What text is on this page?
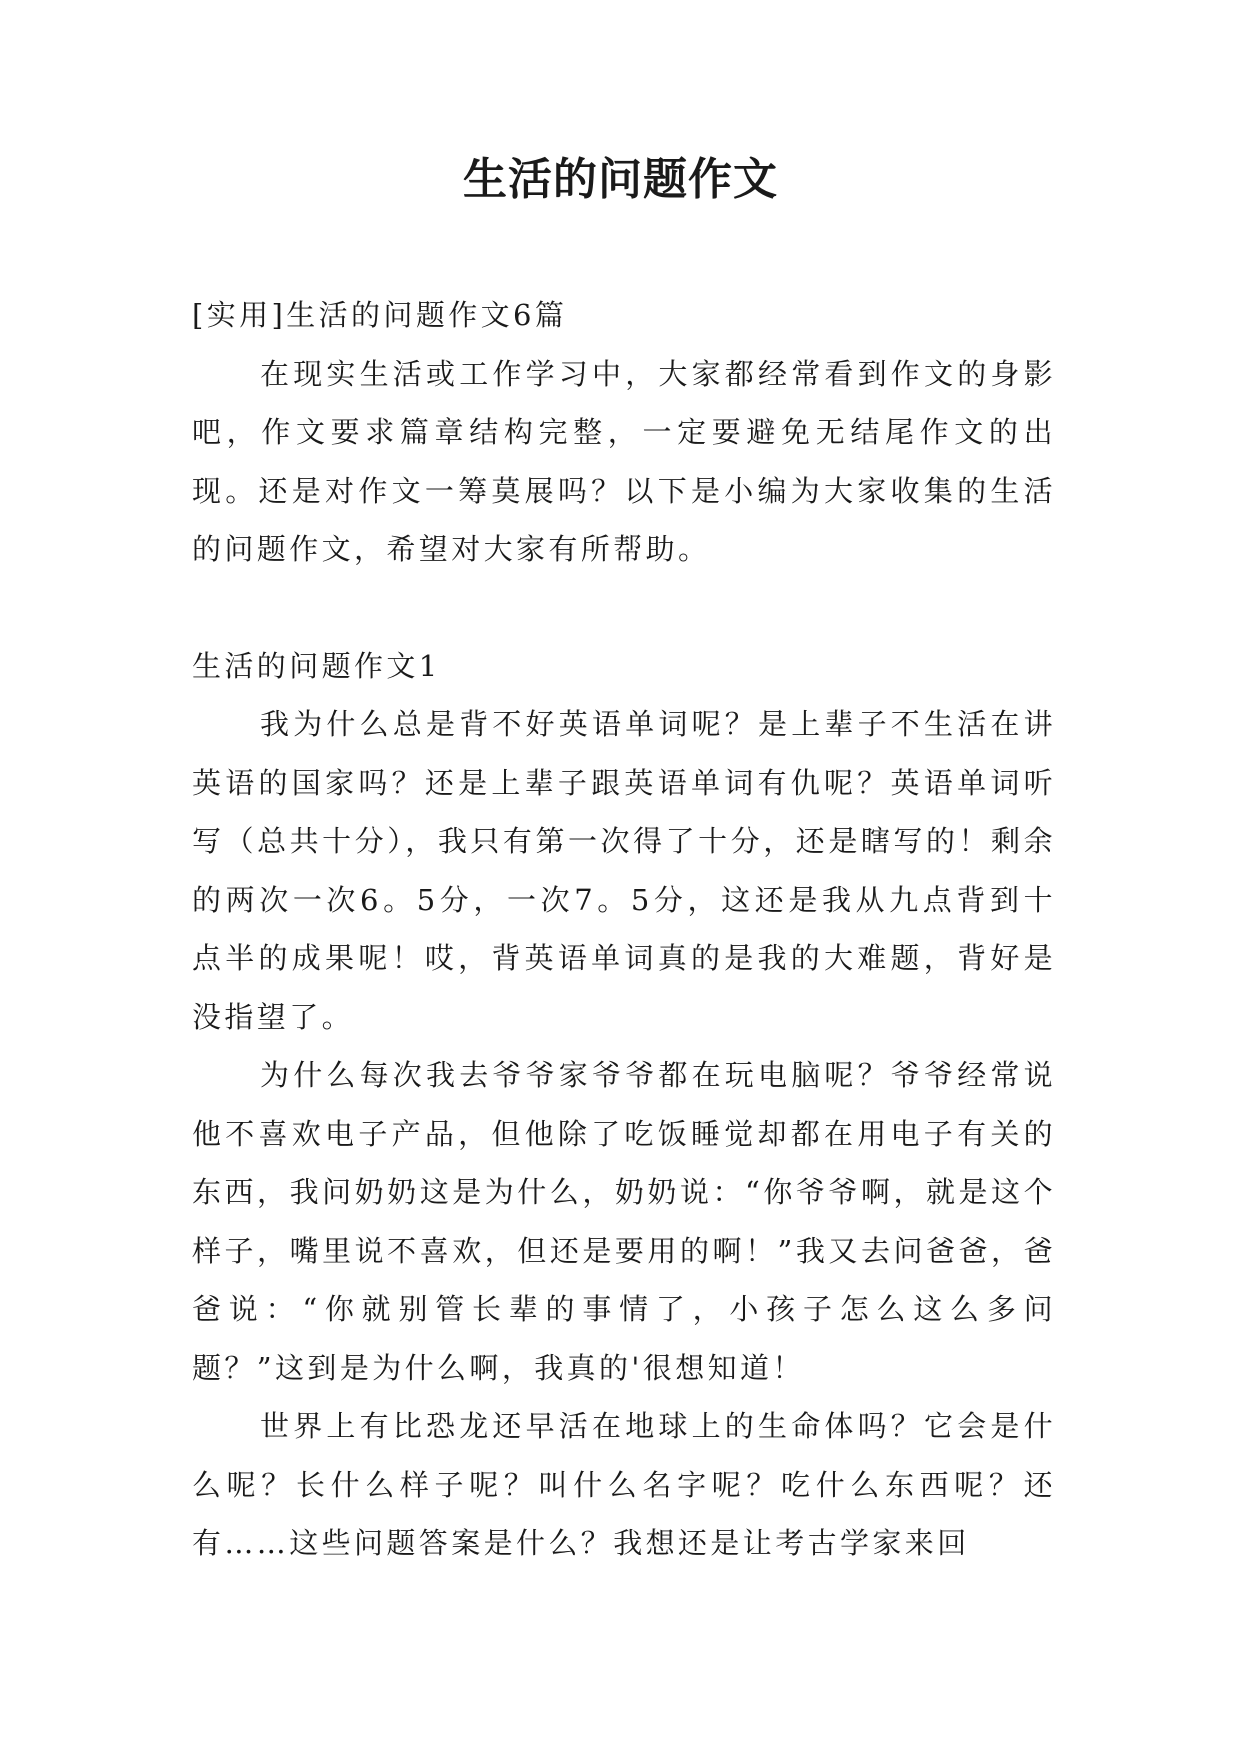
生活的问题作文

[实用]生活的问题作文6篇

在现实生活或工作学习中，大家都经常看到作文的身影吧，作文要求篇章结构完整，一定要避免无结尾作文的出现。还是对作文一筹莫展吗？以下是小编为大家收集的生活的问题作文，希望对大家有所帮助。

生活的问题作文1

我为什么总是背不好英语单词呢？是上辈子不生活在讲英语的国家吗？还是上辈子跟英语单词有仇呢？英语单词听写（总共十分），我只有第一次得了十分，还是瞎写的！剩余的两次一次6。5分，一次7。5分，这还是我从九点背到十点半的成果呢！哎，背英语单词真的是我的大难题，背好是没指望了。

为什么每次我去爷爷家爷爷都在玩电脑呢？爷爷经常说他不喜欢电子产品，但他除了吃饭睡觉却都在用电子有关的东西，我问奶奶这是为什么，奶奶说：“你爷爷啊，就是这个样子，嘴里说不喜欢，但还是要用的啊！”我又去问爸爸，爸爸说：“你就别管长辈的事情了，小孩子怎么这么多问题？”这到是为什么啊，我真的'很想知道！

世界上有比恐龙还早活在地球上的生命体吗？它会是什么呢？长什么样子呢？叫什么名字呢？吃什么东西呢？还有……这些问题答案是什么？我想还是让考古学家来回
